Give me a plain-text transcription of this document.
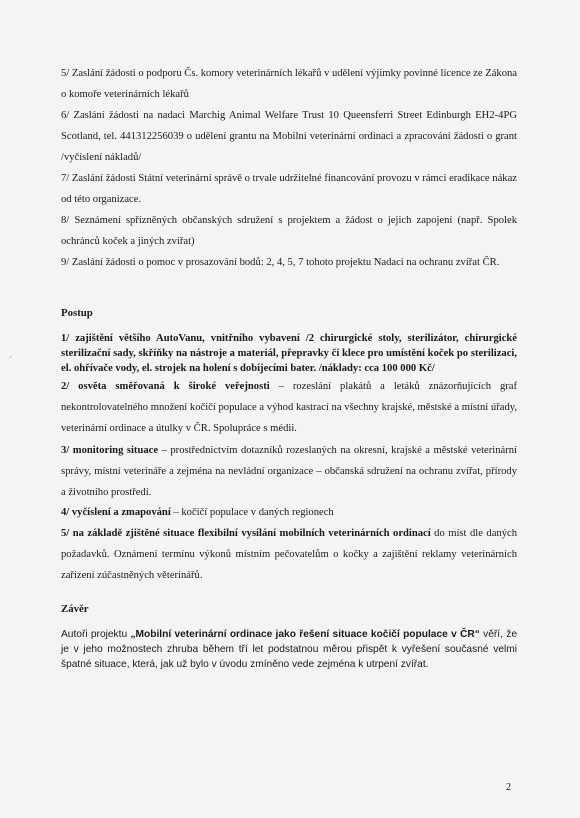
5/ Zaslání žádosti o podporu Čs. komory veterinárních lékařů v udělení výjimky povinné licence ze Zákona o komoře veterinárních lékařů

6/ Zaslání žádosti na nadaci Marchig Animal Welfare Trust 10 Queensferri Street Edinburgh EH2-4PG Scotland, tel. 441312256039 o udělení grantu na Mobilní veterinární ordinaci a zpracování žádosti o grant /vyčíslení nákladů/

7/ Zaslání žádosti Státní veterinární správě o trvale udržitelné financování provozu v rámci eradikace nákaz od této organizace.

8/ Seznámení spřízněných občanských sdružení s projektem a žádost o jejich zapojení (např. Spolek ochránců koček a jiných zvířat)

9/ Zaslání žádosti o pomoc v prosazování bodů: 2, 4, 5, 7 tohoto projektu Nadaci na ochranu zvířat ČR.

Postup

1/ zajištění většího AutoVanu, vnitřního vybavení /2 chirurgické stoly, sterilizátor, chirurgické sterilizační sady, skříňky na nástroje a materiál, přepravky či klece pro umístění koček po sterilizaci, el. ohřívače vody, el. strojek na holení s dobíjecími bater. /náklady: cca 100 000 Kč/

2/ osvěta směřovaná k široké veřejnosti – rozeslání plakátů a letáků znázorňujících graf nekontrolovatelného množení kočičí populace a výhod kastrací na všechny krajské, městské a místní úřady, veterinární ordinace a útulky v ČR. Spolupráce s médii.

3/ monitoring situace – prostřednictvím dotazníků rozeslaných na okresní, krajské a městské veterinární správy, místní veterináře a zejména na nevládní organizace – občanská sdružení na ochranu zvířat, přírody a životního prostředí.

4/ vyčíslení a zmapování – kočičí populace v daných regionech

5/ na základě zjištěné situace flexibilní vysílání mobilních veterinárních ordinací do míst dle daných požadavků. Oznámení termínu výkonů místním pečovatelům o kočky a zajištění reklamy veterinárních zařízení zúčastněných věterinářů.

Závěr

Autoři projektu „Mobilní veterinární ordinace jako řešení situace kočičí populace v ČR“ věří, že je v jeho možnostech zhruba během tří let podstatnou měrou přispět k vyřešení současné velmi špatné situace, která, jak už bylo v úvodu zmíněno vede zejména k utrpení zvířat.

´
2
